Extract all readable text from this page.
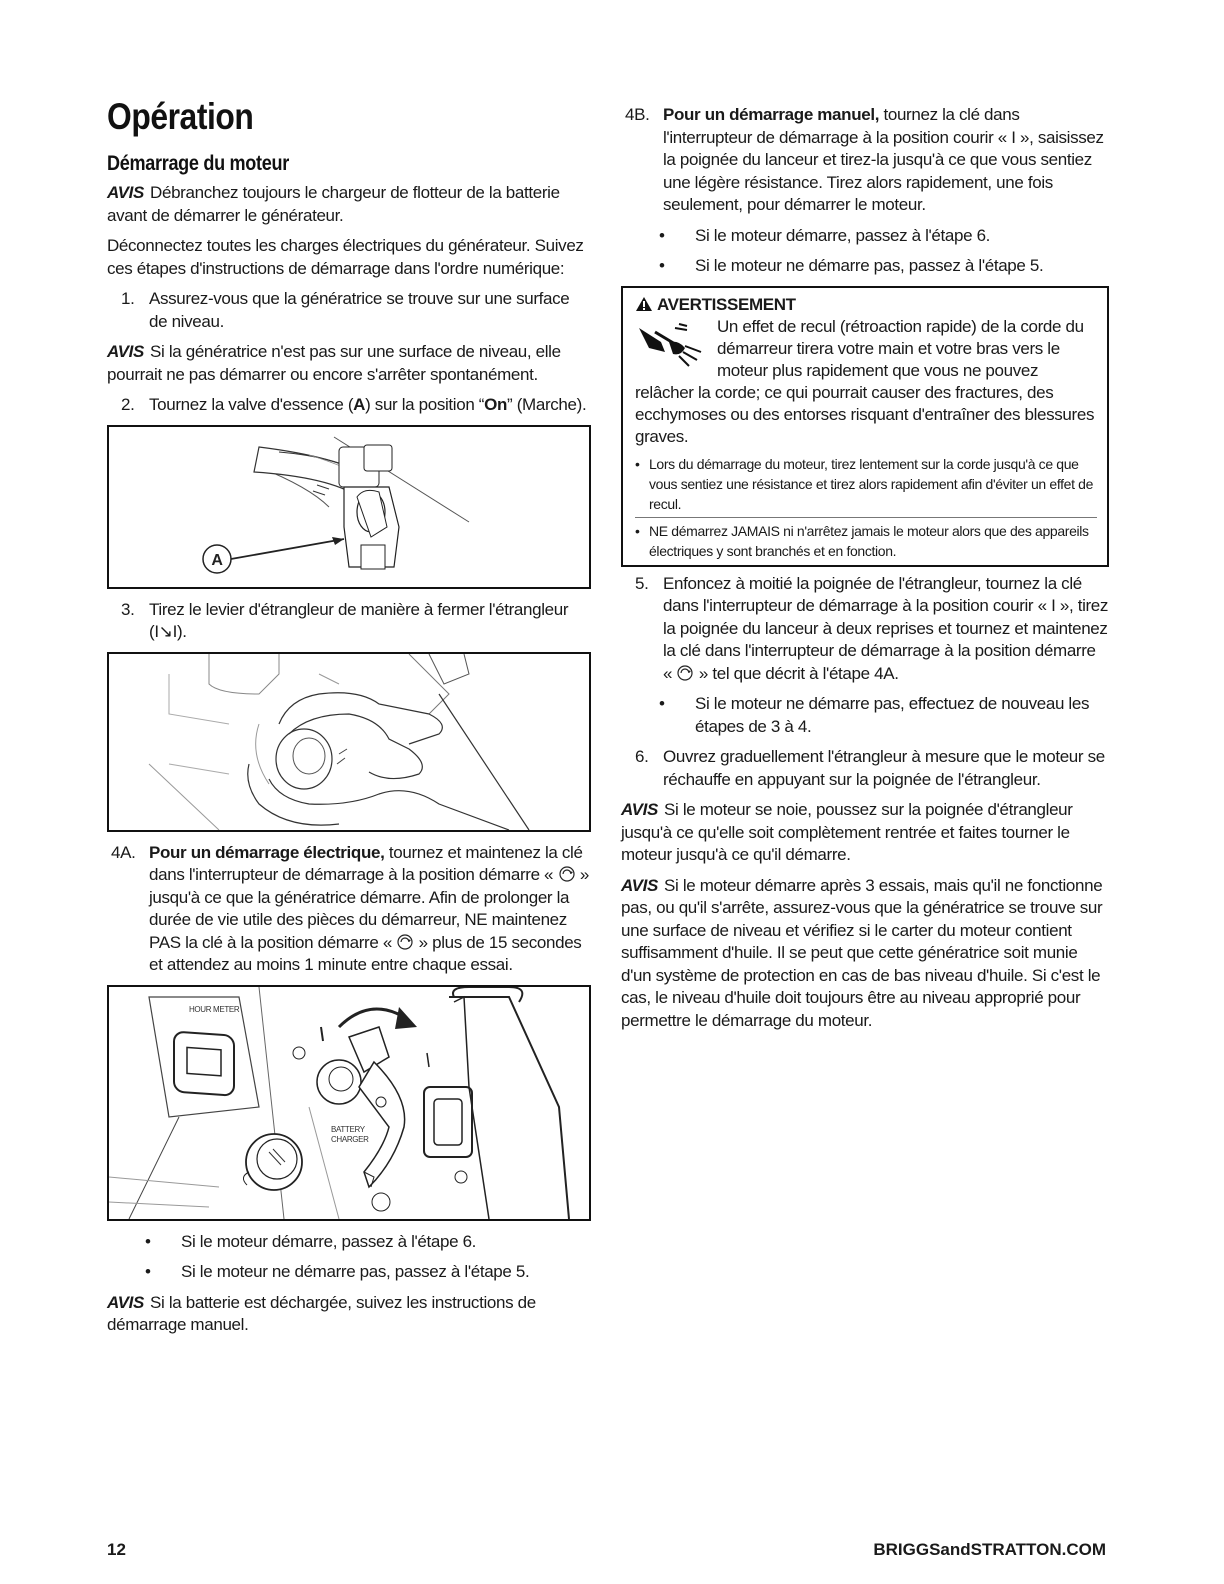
Opération
Démarrage du moteur

AVIS Débranchez toujours le chargeur de flotteur de la batterie avant de démarrer le générateur.

Déconnectez toutes les charges électriques du générateur. Suivez ces étapes d'instructions de démarrage dans l'ordre numérique:

1. Assurez-vous que la génératrice se trouve sur une surface de niveau.

AVIS Si la génératrice n'est pas sur une surface de niveau, elle pourrait ne pas démarrer ou encore s'arrêter spontanément.

2. Tournez la valve d'essence (A) sur la position “On” (Marche).
A
3. Tirez le levier d'étrangleur de manière à fermer l'étrangleur (I↘I).
4A. Pour un démarrage électrique, tournez et maintenez la clé dans l'interrupteur de démarrage à la position démarre «  » jusqu'à ce que la génératrice démarre. Afin de prolonger la durée de vie utile des pièces du démarreur, NE maintenez PAS la clé à la position démarre «  » plus de 15 secondes et attendez au moins 1 minute entre chaque essai.
HOUR METER
BATTERY
CHARGER
•	Si le moteur démarre, passez à l'étape 6.
•	Si le moteur ne démarre pas, passez à l'étape 5.

AVIS Si la batterie est déchargée, suivez les instructions de démarrage manuel.

4B. Pour un démarrage manuel, tournez la clé dans l'interrupteur de démarrage à la position courir « I », saisissez la poignée du lanceur et tirez-la jusqu'à ce que vous sentiez une légère résistance. Tirez alors rapidement, une fois seulement, pour démarrer le moteur.
•	Si le moteur démarre, passez à l'étape 6.
•	Si le moteur ne démarre pas, passez à l'étape 5.
AVERTISSEMENT
Un effet de recul (rétroaction rapide) de la corde du démarreur tirera votre main et votre bras vers le moteur plus rapidement que vous ne pouvez relâcher la corde; ce qui pourrait causer des fractures, des ecchymoses ou des entorses risquant d'entraîner des blessures graves.
• Lors du démarrage du moteur, tirez lentement sur la corde jusqu'à ce que vous sentiez une résistance et tirez alors rapidement afin d'éviter un effet de recul.
• NE démarrez JAMAIS ni n'arrêtez jamais le moteur alors que des appareils électriques y sont branchés et en fonction.
5. Enfoncez à moitié la poignée de l'étrangleur, tournez la clé dans l'interrupteur de démarrage à la position courir « I », tirez la poignée du lanceur à deux reprises et tournez et maintenez la clé dans l'interrupteur de démarrage à la position démarre «  » tel que décrit à l'étape 4A.
•	Si le moteur ne démarre pas, effectuez de nouveau les étapes de 3 à 4.
6. Ouvrez graduellement l'étrangleur à mesure que le moteur se réchauffe en appuyant sur la poignée de l'étrangleur.

AVIS Si le moteur se noie, poussez sur la poignée d'étrangleur jusqu'à ce qu'elle soit complètement rentrée et faites tourner le moteur jusqu'à ce qu'il démarre.

AVIS Si le moteur démarre après 3 essais, mais qu'il ne fonctionne pas, ou qu'il s'arrête, assurez-vous que la génératrice se trouve sur une surface de niveau et vérifiez si le carter du moteur contient suffisamment d'huile. Il se peut que cette génératrice soit munie d'un système de protection en cas de bas niveau d'huile. Si c'est le cas, le niveau d'huile doit toujours être au niveau approprié pour permettre le démarrage du moteur.

12	BRIGGSandSTRATTON.COM
